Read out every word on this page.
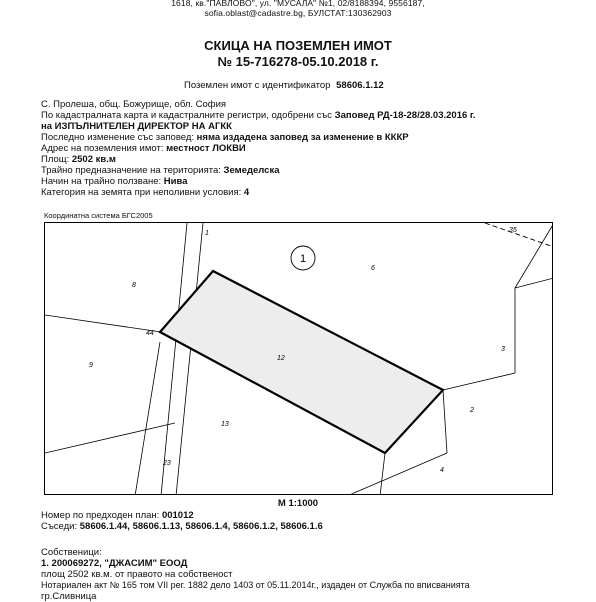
1618, кв."ПАВЛОВО", ул. "МУСАЛА" №1, 02/8188394, 9556187,
sofia.oblast@cadastre.bg, БУЛСТАТ:130362903
СКИЦА НА ПОЗЕМЛЕН ИМОТ
№ 15-716278-05.10.2018 г.
Поземлен имот с идентификатор 58606.1.12
С. Пролеша, общ. Божурище, обл. София
По кадастралната карта и кадастралните регистри, одобрени със Заповед РД-18-28/28.03.2016 г.
на ИЗПЪЛНИТЕЛЕН ДИРЕКТОР НА АГКК
Последно изменение със заповед: няма издадена заповед за изменение в КККР
Адрес на поземления имот: местност ЛОКВИ
Площ: 2502 кв.м
Трайно предназначение на територията: Земеделска
Начин на трайно ползване: Нива
Категория на земята при неполивни условия: 4
Координатна система БГС2005
1
1
6
8
44
9
12
3
2
13
23
4
35
M 1:1000
Номер по предходен план: 001012
Съседи: 58606.1.44, 58606.1.13, 58606.1.4, 58606.1.2, 58606.1.6
Собственици:
1. 200069272, "ДЖАСИМ" ЕООД
площ 2502 кв.м. от правото на собственост
Нотариален акт № 165 том VII рег. 1882 дело 1403 от 05.11.2014г., издаден от Служба по вписванията
гр.Сливница
